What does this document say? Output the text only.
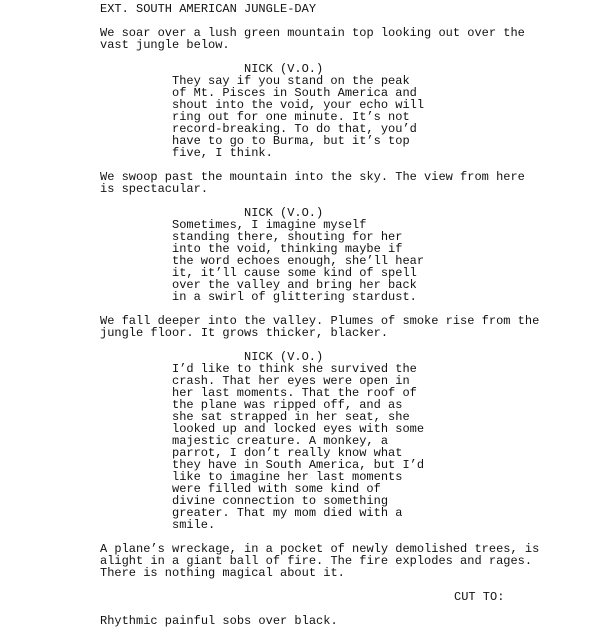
EXT. SOUTH AMERICAN JUNGLE-DAY
We soar over a lush green mountain top looking out over the
vast jungle below.
NICK (V.O.)
They say if you stand on the peak
of Mt. Pisces in South America and
shout into the void, your echo will
ring out for one minute. It’s not
record-breaking. To do that, you’d
have to go to Burma, but it’s top
five, I think.
We swoop past the mountain into the sky. The view from here
is spectacular.
NICK (V.O.)
Sometimes, I imagine myself
standing there, shouting for her
into the void, thinking maybe if
the word echoes enough, she’ll hear
it, it’ll cause some kind of spell
over the valley and bring her back
in a swirl of glittering stardust.
We fall deeper into the valley. Plumes of smoke rise from the
jungle floor. It grows thicker, blacker.
NICK (V.O.)
I’d like to think she survived the
crash. That her eyes were open in
her last moments. That the roof of
the plane was ripped off, and as
she sat strapped in her seat, she
looked up and locked eyes with some
majestic creature. A monkey, a
parrot, I don’t really know what
they have in South America, but I’d
like to imagine her last moments
were filled with some kind of
divine connection to something
greater. That my mom died with a
smile.
A plane’s wreckage, in a pocket of newly demolished trees, is
alight in a giant ball of fire. The fire explodes and rages.
There is nothing magical about it.
CUT TO:
Rhythmic painful sobs over black.
